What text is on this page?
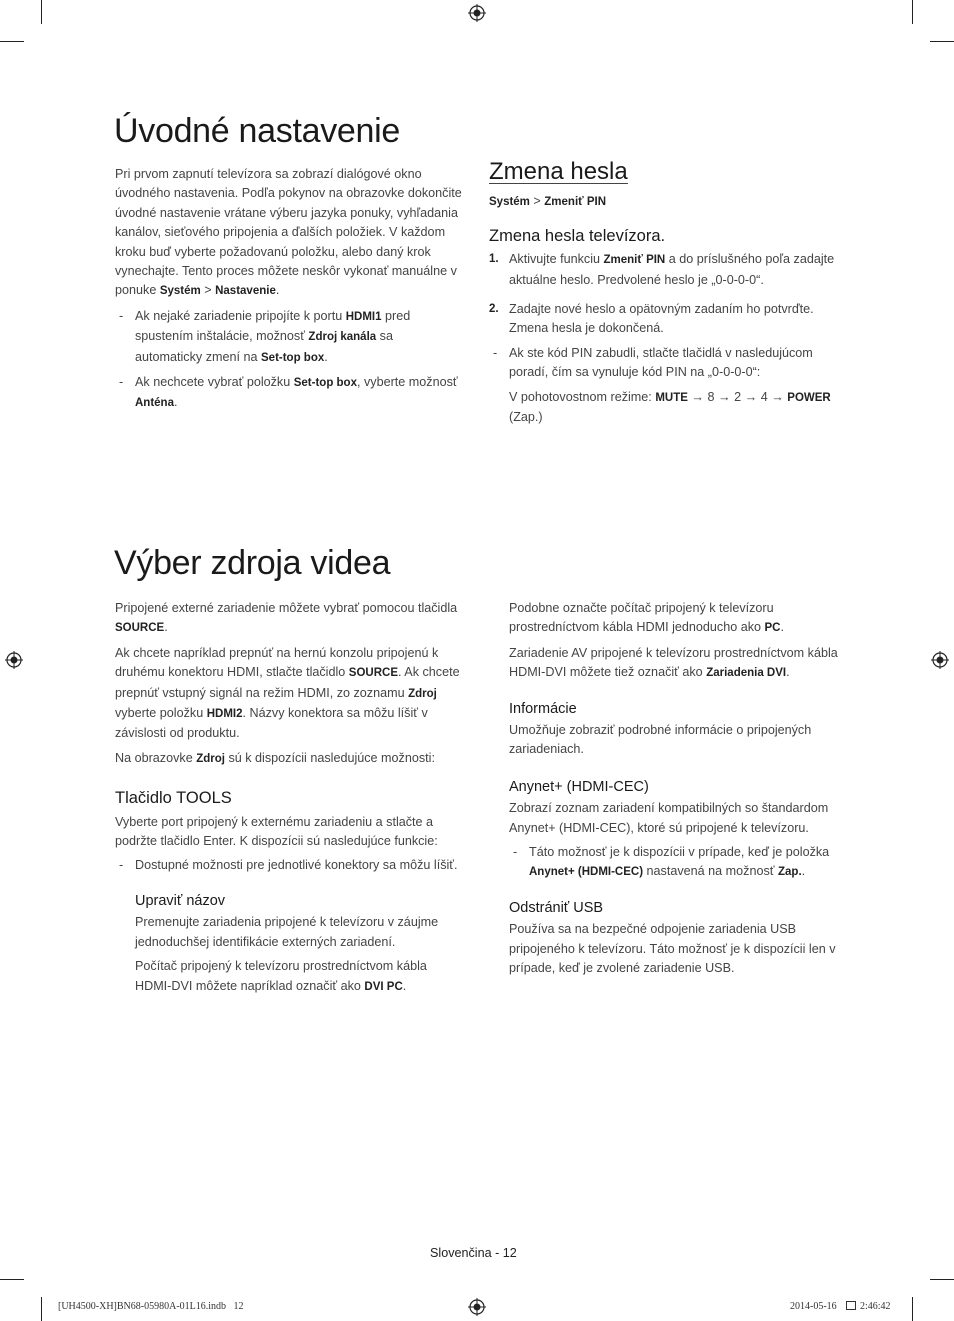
Úvodné nastavenie

Pri prvom zapnutí televízora sa zobrazí dialógové okno úvodného nastavenia. Podľa pokynov na obrazovke dokončite úvodné nastavenie vrátane výberu jazyka ponuky, vyhľadania kanálov, sieťového pripojenia a ďalších položiek. V každom kroku buď vyberte požadovanú položku, alebo daný krok vynechajte. Tento proces môžete neskôr vykonať manuálne v ponuke Systém > Nastavenie.

- Ak nejaké zariadenie pripojíte k portu HDMI1 pred spustením inštalácie, možnosť Zdroj kanála sa automaticky zmení na Set-top box.

- Ak nechcete vybrať položku Set-top box, vyberte možnosť Anténa.

Zmena hesla

Systém > Zmeniť PIN

Zmena hesla televízora.
1. Aktivujte funkciu Zmeniť PIN a do príslušného poľa zadajte aktuálne heslo. Predvolené heslo je „0-0-0-0“.

2. Zadajte nové heslo a opätovným zadaním ho potvrďte. Zmena hesla je dokončená.

- Ak ste kód PIN zabudli, stlačte tlačidlá v nasledujúcom poradí, čím sa vynuluje kód PIN na „0-0-0-0“:

V pohotovostnom režime: MUTE → 8 → 2 → 4 → POWER (Zap.)

Výber zdroja videa

Pripojené externé zariadenie môžete vybrať pomocou tlačidla SOURCE.

Ak chcete napríklad prepnúť na hernú konzolu pripojenú k druhému konektoru HDMI, stlačte tlačidlo SOURCE. Ak chcete prepnúť vstupný signál na režim HDMI, zo zoznamu Zdroj vyberte položku HDMI2. Názvy konektora sa môžu líšiť v závislosti od produktu.

Na obrazovke Zdroj sú k dispozícii nasledujúce možnosti:

Tlačidlo TOOLS

Vyberte port pripojený k externému zariadeniu a stlačte a podržte tlačidlo Enter. K dispozícii sú nasledujúce funkcie:

- Dostupné možnosti pre jednotlivé konektory sa môžu líšiť.

Upraviť názov

Premenujte zariadenia pripojené k televízoru v záujme jednoduchšej identifikácie externých zariadení.

Počítač pripojený k televízoru prostredníctvom kábla HDMI-DVI môžete napríklad označiť ako DVI PC.

Podobne označte počítač pripojený k televízoru prostredníctvom kábla HDMI jednoducho ako PC.

Zariadenie AV pripojené k televízoru prostredníctvom kábla HDMI-DVI môžete tiež označiť ako Zariadenia DVI.

Informácie

Umožňuje zobraziť podrobné informácie o pripojených zariadeniach.

Anynet+ (HDMI-CEC)

Zobrazí zoznam zariadení kompatibilných so štandardom Anynet+ (HDMI-CEC), ktoré sú pripojené k televízoru.

- Táto možnosť je k dispozícii v prípade, keď je položka Anynet+ (HDMI-CEC) nastavená na možnosť Zap..

Odstrániť USB

Používa sa na bezpečné odpojenie zariadenia USB pripojeného k televízoru. Táto možnosť je k dispozícii len v prípade, keď je zvolené zariadenie USB.

Slovenčina - 12
[UH4500-XH]BN68-05980A-01L16.indb   12	2014-05-16 2:46:42
